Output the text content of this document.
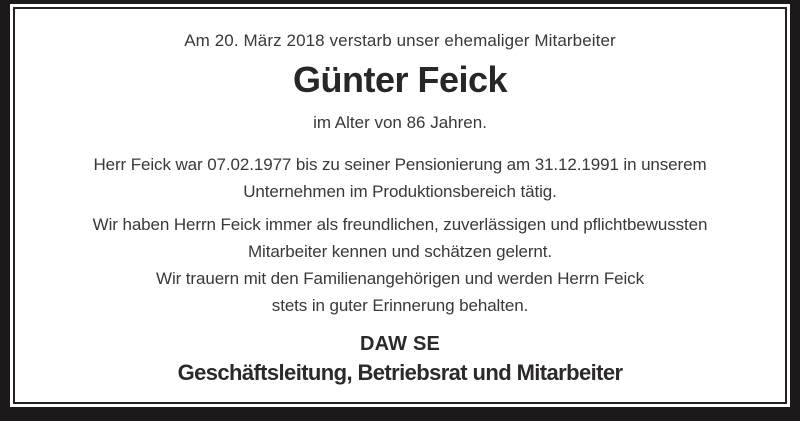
Am 20. März 2018 verstarb unser ehemaliger Mitarbeiter
Günter Feick
im Alter von 86 Jahren.
Herr Feick war 07.02.1977 bis zu seiner Pensionierung am 31.12.1991 in unserem
Unternehmen im Produktionsbereich tätig.
Wir haben Herrn Feick immer als freundlichen, zuverlässigen und pflichtbewussten
Mitarbeiter kennen und schätzen gelernt.
Wir trauern mit den Familienangehörigen und werden Herrn Feick
stets in guter Erinnerung behalten.
DAW SE
Geschäftsleitung, Betriebsrat und Mitarbeiter
